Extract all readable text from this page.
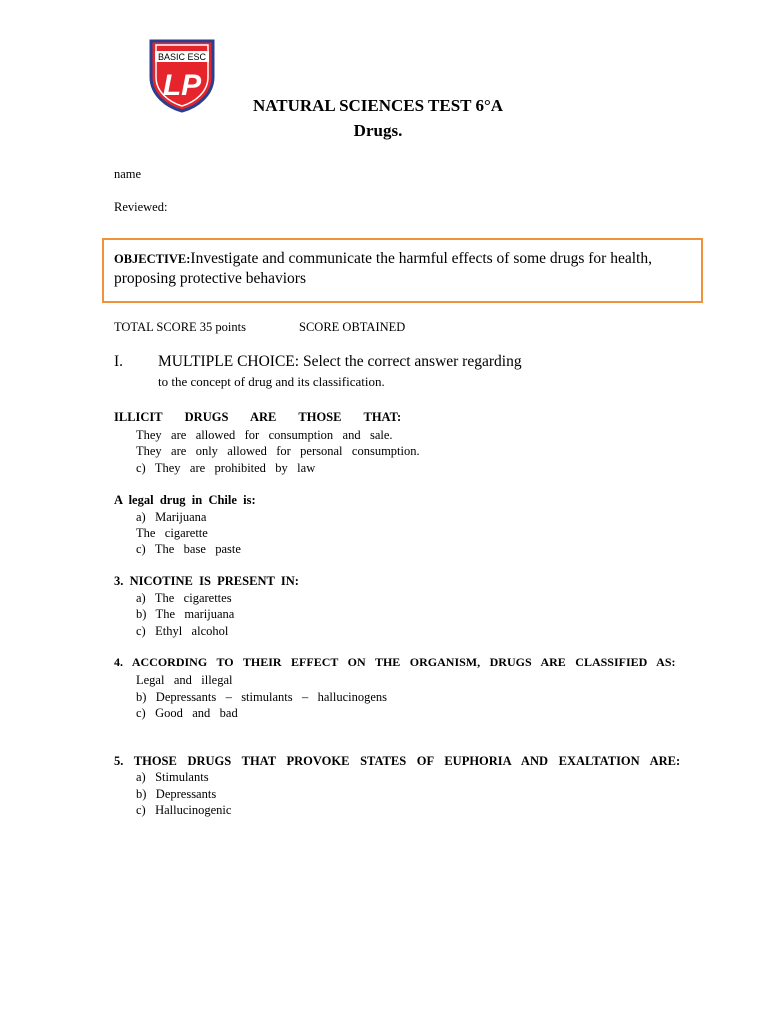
BASIC ESC
LP
NATURAL SCIENCES TEST 6°A
Drugs.
name
Reviewed:
OBJECTIVE:Investigate and communicate the harmful effects of some drugs for health, proposing protective behaviors
TOTAL SCORE 35 points	SCORE OBTAINED
I. MULTIPLE CHOICE: Select the correct answer regarding
to the concept of drug and its classification.
ILLICIT  DRUGS  ARE  THOSE  THAT:
They   are   allowed   for   consumption   and   sale.
They   are   only   allowed   for   personal   consumption.
c)   They   are   prohibited   by   law
A  legal  drug  in  Chile  is:
a)   Marijuana
The   cigarette
c)   The   base   paste
3.  NICOTINE  IS  PRESENT  IN:
a)   The   cigarettes
b)   The   marijuana
c)   Ethyl   alcohol
4. ACCORDING TO THEIR EFFECT ON THE ORGANISM, DRUGS ARE CLASSIFIED AS:
Legal   and   illegal
b)   Depressants   –   stimulants   –   hallucinogens
c)   Good   and   bad
5. THOSE DRUGS THAT PROVOKE STATES OF EUPHORIA AND EXALTATION ARE:
a)   Stimulants
b)   Depressants
c)   Hallucinogenic
